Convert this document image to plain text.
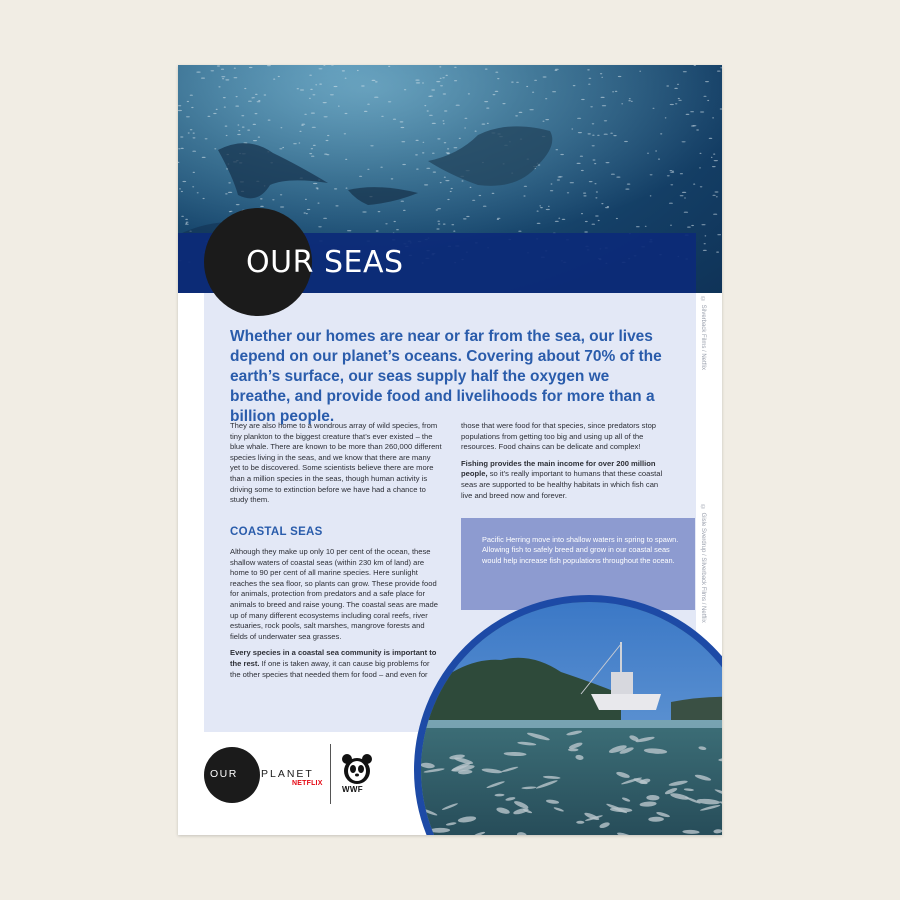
OUR SEAS
© Silverback Films / Netflix
© Gisle Sverdrup / Silverback Films / Netflix
Whether our homes are near or far from the sea, our lives depend on our planet’s oceans. Covering about 70% of the earth’s surface, our seas supply half the oxygen we breathe, and provide food and livelihoods for more than a billion people.

They are also home to a wondrous array of wild species, from tiny plankton to the biggest creature that’s ever existed – the blue whale. There are known to be more than 260,000 different species living in the seas, and we know that there are many yet to be discovered. Some scientists believe there are more than a million species in the seas, though human activity is driving some to extinction before we have had a chance to study them.

COASTAL SEAS

Although they make up only 10 per cent of the ocean, these shallow waters of coastal seas (within 230 km of land) are home to 90 per cent of all marine species. Here sunlight reaches the sea floor, so plants can grow. These provide food for animals, protection from predators and a safe place for animals to breed and raise young. The coastal seas are made up of many different ecosystems including coral reefs, river estuaries, rock pools, salt marshes, mangrove forests and fields of underwater sea grasses.

Every species in a coastal sea community is important to the rest. If one is taken away, it can cause big problems for the other species that needed them for food – and even for

those that were food for that species, since predators stop populations from getting too big and using up all of the resources. Food chains can be delicate and complex!

Fishing provides the main income for over 200 million people, so it’s really important to humans that these coastal seas are supported to be healthy habitats in which fish can live and breed now and forever.

Pacific Herring move into shallow waters in spring to spawn. Allowing fish to safely breed and grow in our coastal seas would help increase fish populations throughout the ocean.
OUR PLANET
NETFLIX
WWF
